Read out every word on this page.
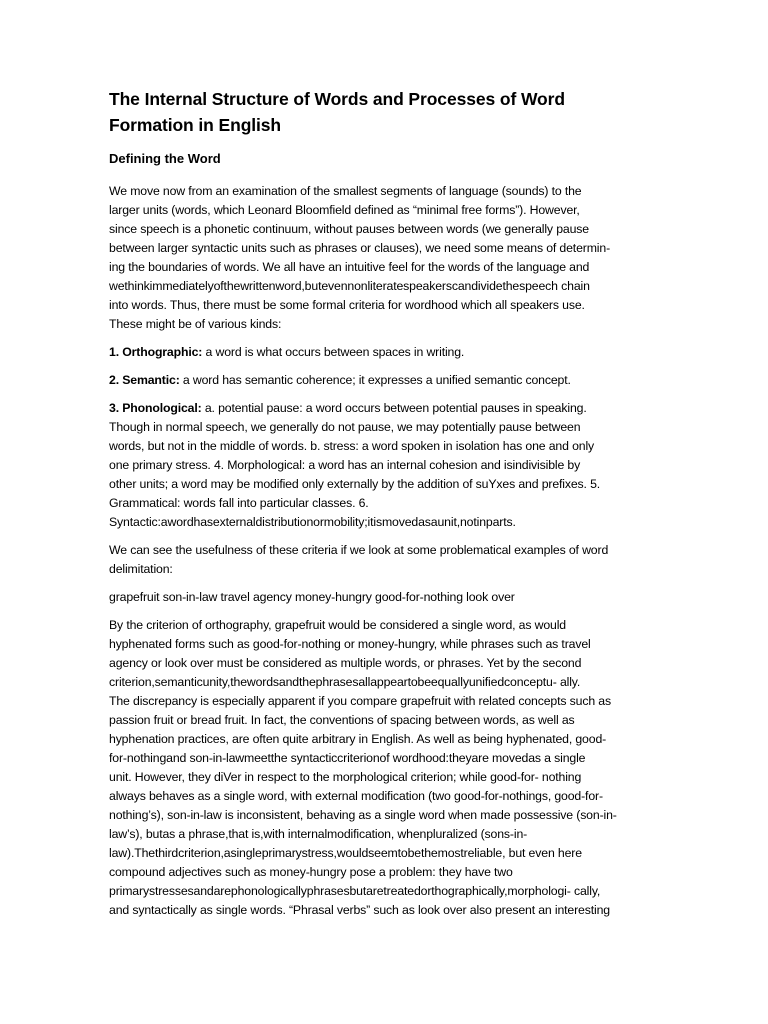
The Internal Structure of Words and Processes of Word
Formation in English
Defining the Word
We move now from an examination of the smallest segments of language (sounds) to the
larger units (words, which Leonard Bloomfield defined as “minimal free forms”). However,
since speech is a phonetic continuum, without pauses between words (we generally pause
between larger syntactic units such as phrases or clauses), we need some means of determin-
ing the boundaries of words. We all have an intuitive feel for the words of the language and
wethinkimmediatelyofthewrittenword,butevennonliteratespeakerscandividethespeech chain
into words. Thus, there must be some formal criteria for wordhood which all speakers use.
These might be of various kinds:
1. Orthographic: a word is what occurs between spaces in writing.
2. Semantic: a word has semantic coherence; it expresses a unified semantic concept.
3. Phonological: a. potential pause: a word occurs between potential pauses in speaking.
Though in normal speech, we generally do not pause, we may potentially pause between
words, but not in the middle of words. b. stress: a word spoken in isolation has one and only
one primary stress. 4. Morphological: a word has an internal cohesion and isindivisible by
other units; a word may be modified only externally by the addition of suYxes and prefixes. 5.
Grammatical: words fall into particular classes. 6.
Syntactic:awordhasexternaldistributionormobility;itismovedasaunit,notinparts.
We can see the usefulness of these criteria if we look at some problematical examples of word
delimitation:
grapefruit son-in-law travel agency money-hungry good-for-nothing look over
By the criterion of orthography, grapefruit would be considered a single word, as would
hyphenated forms such as good-for-nothing or money-hungry, while phrases such as travel
agency or look over must be considered as multiple words, or phrases. Yet by the second
criterion,semanticunity,thewordsandthephrasesallappeartobeequallyunifiedconceptu- ally.
The discrepancy is especially apparent if you compare grapefruit with related concepts such as
passion fruit or bread fruit. In fact, the conventions of spacing between words, as well as
hyphenation practices, are often quite arbitrary in English. As well as being hyphenated, good-
for-nothingand son-in-lawmeetthe syntacticcriterionof wordhood:theyare movedas a single
unit. However, they diVer in respect to the morphological criterion; while good-for- nothing
always behaves as a single word, with external modification (two good-for-nothings, good-for-
nothing’s), son-in-law is inconsistent, behaving as a single word when made possessive (son-in-
law’s), butas a phrase,that is,with internalmodification, whenpluralized (sons-in-
law).Thethirdcriterion,asingleprimarystress,wouldseemtobethemostreliable, but even here
compound adjectives such as money-hungry pose a problem: they have two
primarystressesandarephonologicallyphrasesbutaretreatedorthographically,morphologi- cally,
and syntactically as single words. “Phrasal verbs” such as look over also present an interesting
